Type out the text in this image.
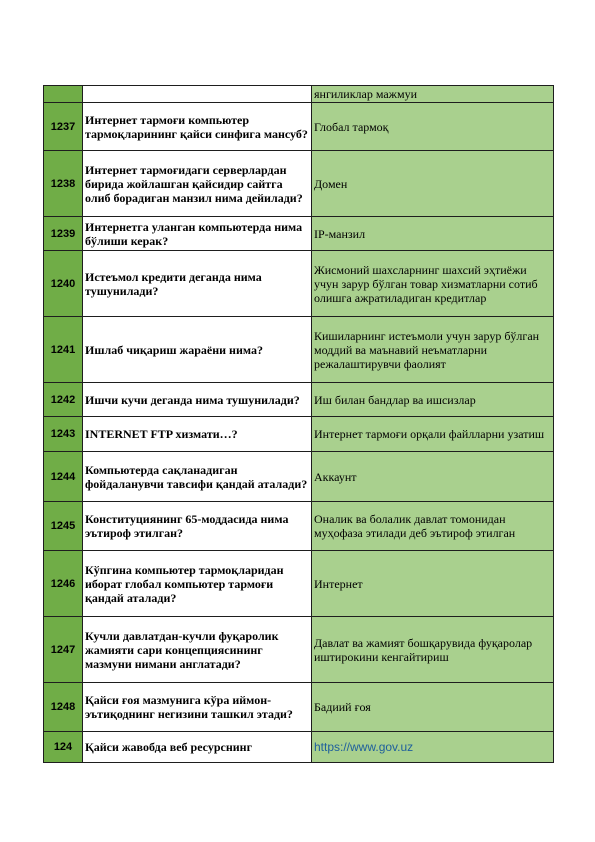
		янгиликлар мажмуи
1237	Интернет тармоғи компьютер тармоқларининг қайси синфига мансуб?	Глобал тармоқ
1238	Интернет тармоғидаги серверлардан бирида жойлашган қайсидир сайтга олиб борадиган манзил нима дейилади?	Домен
1239	Интернетга уланган компьютерда нима бўлиши керак?	IP-манзил
1240	Истеъмол кредити деганда нима тушунилади?	Жисмоний шахсларнинг шахсий эҳтиёжи учун зарур бўлган товар хизматларни сотиб олишга ажратиладиган кредитлар
1241	Ишлаб чиқариш жараёни нима?	Кишиларнинг истеъмоли учун зарур бўлган моддий ва маънавий неъматларни режалаштирувчи фаолият
1242	Ишчи кучи деганда нима тушунилади?	Иш билан бандлар ва ишсизлар
1243	INTERNET FTP хизмати…?	Интернет тармоғи орқали файлларни узатиш
1244	Компьютерда сақланадиган фойдаланувчи тавсифи қандай аталади?	Аккаунт
1245	Конституциянинг 65-моддасида нима эътироф этилган?	Оналик ва болалик давлат томонидан муҳофаза этилади деб эътироф этилган
1246	Кўпгина компьютер тармоқларидан иборат глобал компьютер тармоғи қандай аталади?	Интернет
1247	Кучли давлатдан-кучли фуқаролик жамияти сари концепциясининг мазмуни нимани англатади?	Давлат ва жамият бошқарувида фуқаролар иштирокини кенгайтириш
1248	Қайси ғоя мазмунига кўра иймон-эътиқоднинг негизини ташкил этади?	Бадиий ғоя
124	Қайси жавобда веб ресурснинг	https://www.gov.uz
